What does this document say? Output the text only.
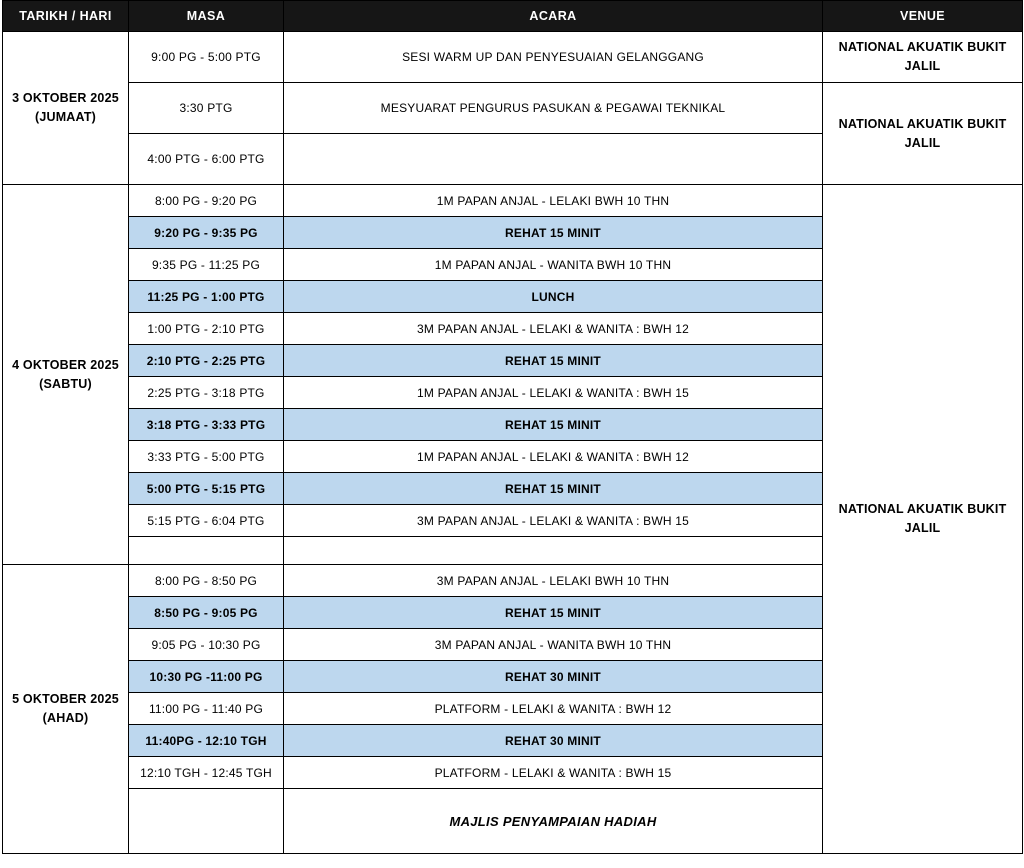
TARIKH / HARI	MASA	ACARA	VENUE

3 OKTOBER 2025
(JUMAAT)	9:00 PG - 5:00 PTG	SESI WARM UP DAN PENYESUAIAN GELANGGANG	NATIONAL AKUATIK BUKIT JALIL
	3:30 PTG	MESYUARAT PENGURUS PASUKAN & PEGAWAI TEKNIKAL	NATIONAL AKUATIK BUKIT JALIL
	4:00 PTG - 6:00 PTG		

4 OKTOBER 2025
(SABTU)	8:00 PG - 9:20 PG	1M PAPAN ANJAL - LELAKI BWH 10 THN	NATIONAL AKUATIK BUKIT JALIL
	9:20 PG - 9:35 PG	REHAT 15 MINIT	
	9:35 PG - 11:25 PG	1M PAPAN ANJAL - WANITA BWH 10 THN	
	11:25 PG - 1:00 PTG	LUNCH	
	1:00 PTG - 2:10 PTG	3M PAPAN ANJAL - LELAKI & WANITA : BWH 12	
	2:10 PTG - 2:25 PTG	REHAT 15 MINIT	
	2:25 PTG - 3:18 PTG	1M PAPAN ANJAL - LELAKI & WANITA : BWH 15	
	3:18 PTG - 3:33 PTG	REHAT 15 MINIT	
	3:33 PTG - 5:00 PTG	1M PAPAN ANJAL - LELAKI & WANITA : BWH 12	
	5:00 PTG - 5:15 PTG	REHAT 15 MINIT	
	5:15 PTG - 6:04 PTG	3M PAPAN ANJAL - LELAKI & WANITA : BWH 15	

5 OKTOBER 2025
(AHAD)	8:00 PG - 8:50 PG	3M PAPAN ANJAL - LELAKI BWH 10 THN	
	8:50 PG - 9:05 PG	REHAT 15 MINIT	
	9:05 PG - 10:30 PG	3M PAPAN ANJAL - WANITA BWH 10 THN	
	10:30 PG -11:00 PG	REHAT 30 MINIT	
	11:00 PG - 11:40 PG	PLATFORM - LELAKI & WANITA : BWH 12	
	11:40PG - 12:10 TGH	REHAT 30 MINIT	
	12:10 TGH - 12:45 TGH	PLATFORM - LELAKI & WANITA : BWH 15	
		MAJLIS PENYAMPAIAN HADIAH	
